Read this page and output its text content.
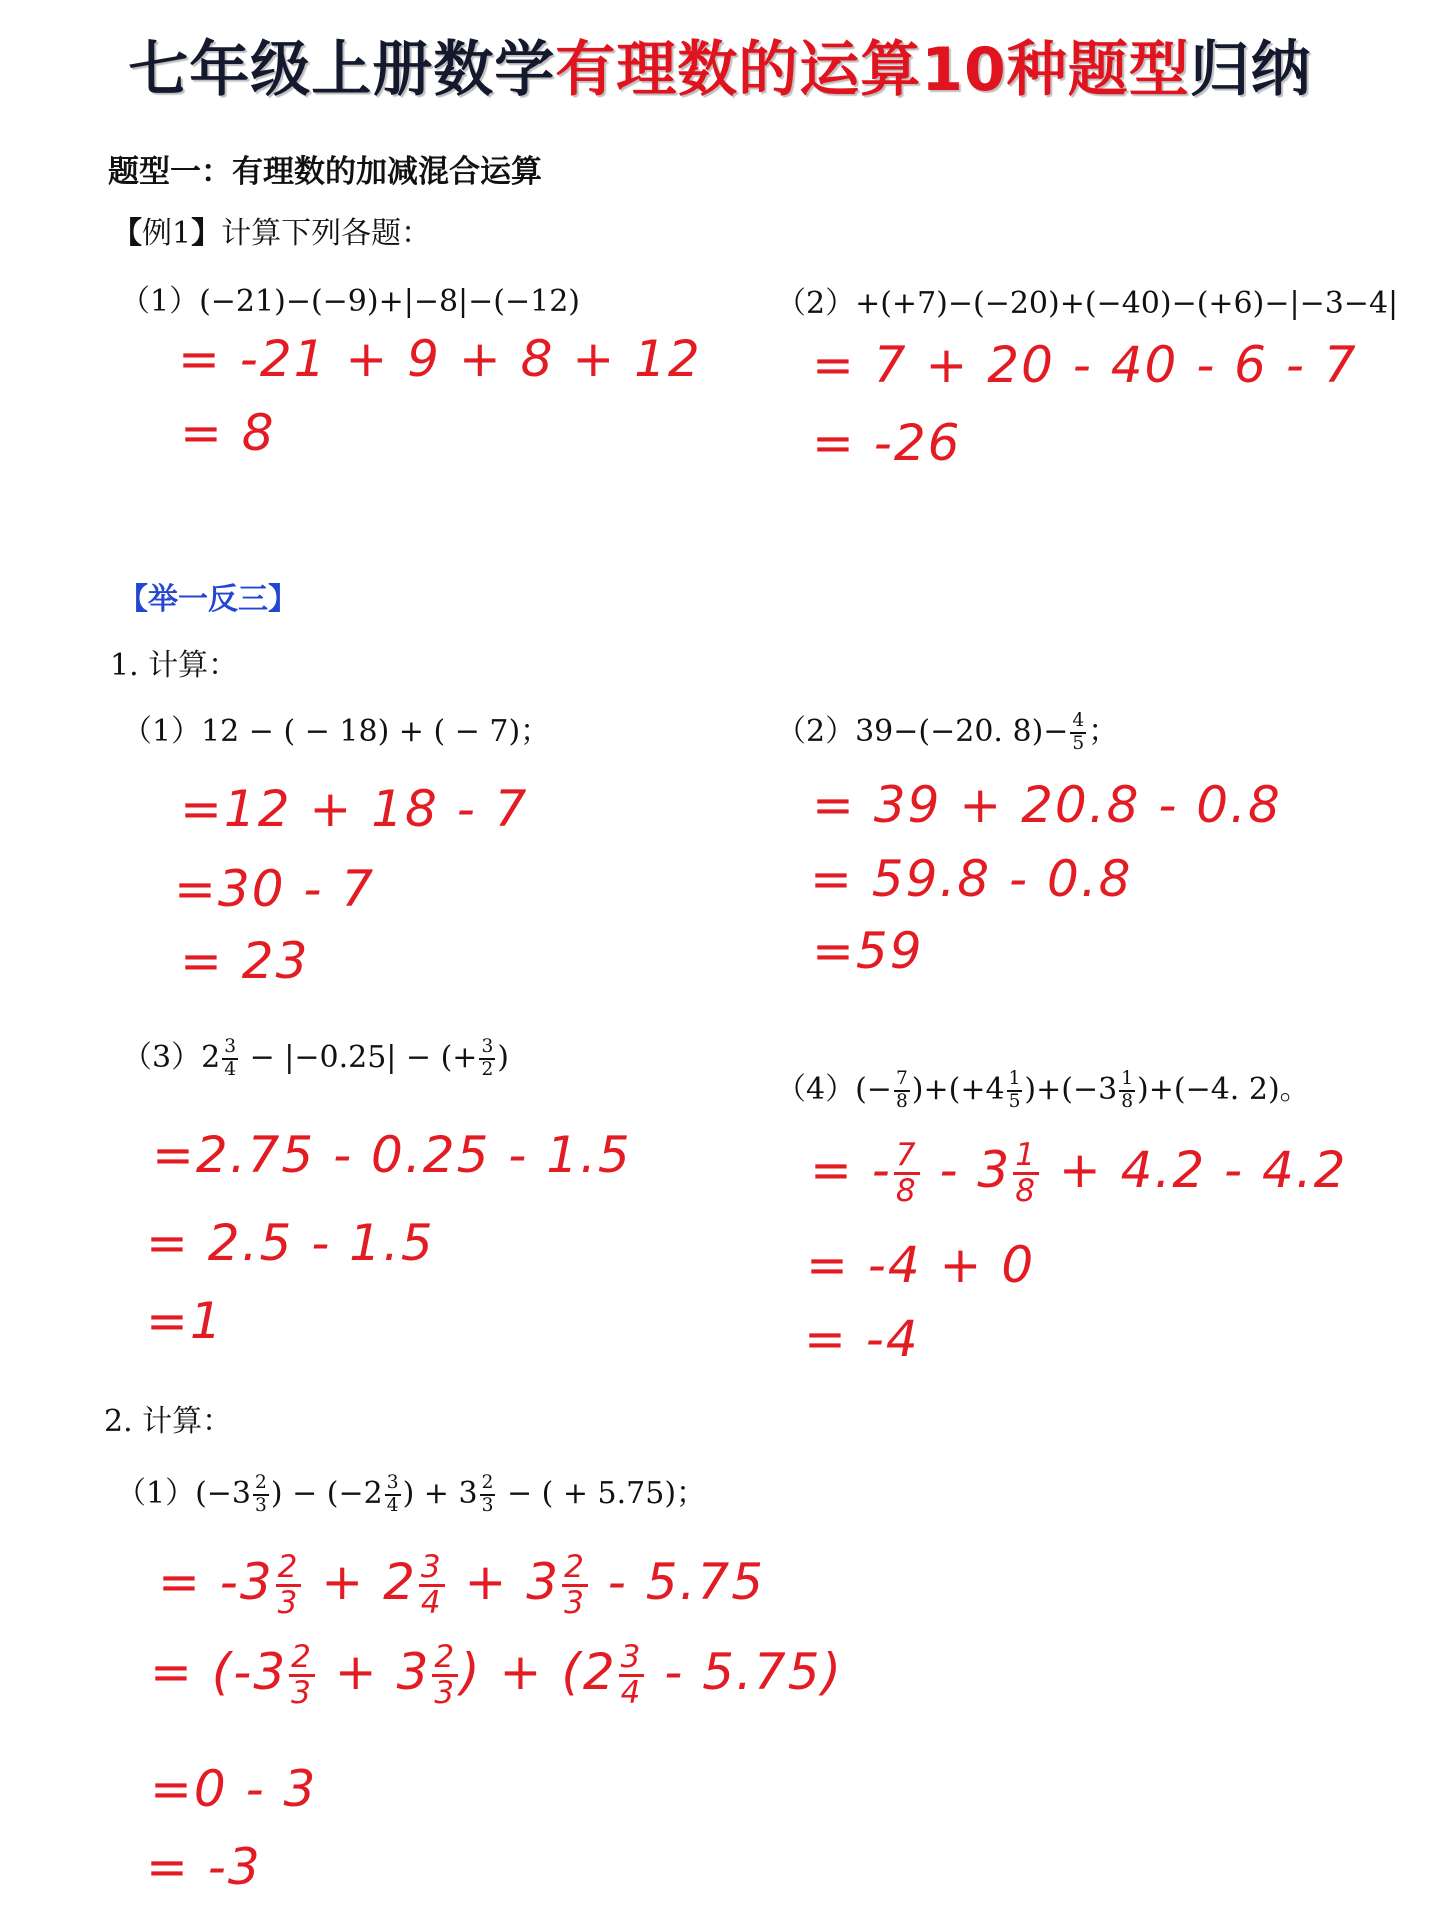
七年级上册数学有理数的运算10种题型归纳
题型一：有理数的加减混合运算
【例1】计算下列各题：
（1）(−21)−(−9)+|−8|−(−12)
= -21 + 9 + 8 + 12
= 8
（2）+(+7)−(−20)+(−40)−(+6)−|−3−4|
= 7 + 20 - 40 - 6 - 7
= -26
【举一反三】
1. 计算：
（1）12 − ( − 18) + ( − 7)；
=12 + 18 - 7
=30 - 7
= 23
（2）39−(−20. $8)- \frac{4}{5}$ ；
= 39 + 20.8 - 0.8
= 59.8 - 0.8
=59
$(3)2 \frac{3}{4} - |-0.25|$ − (+ $\frac{3}{2}$ )
=2.75 - 0.25 - 1.5
= 2.5 - 1.5
=1
$(4)(- \frac{7}{8} )+(+4 \frac{1}{5} )+(-3 \frac{1}{8} )+(-4$. 2)。
= - $\frac{7}{8} - 3 \frac{1}{8} + 4.2 - 4.2$
= -4 + 0
= -4
2. 计算：
$(1)(-3 \frac{2}{3}$ ) − ($-2 \frac{3}{4}$ ) + $3 \frac{2}{3}$ − ( + 5.75)；
= $-3 \frac{2}{3} + 2 \frac{3}{4} + 3 \frac{2}{3} - 5.75$
= ($-3 \frac{2}{3} + 3 \frac{2}{3}$ ) + $(2 \frac{3}{4} - 5.75)$
=0 - 3
= -3
